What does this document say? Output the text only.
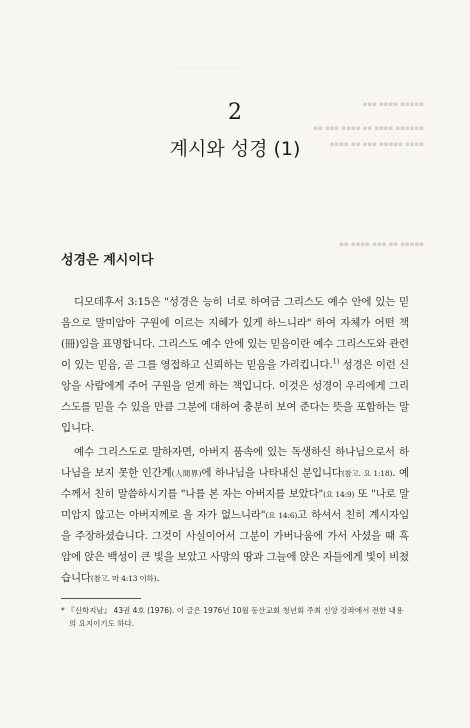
· · · · · · · · · · · · · · · · ·
▪▪▪ ▪▪▪▪ ▪▪▪▪▪
▪▪ ▪▪▪ ▪▪▪▪ ▪▪ ▪▪▪▪ ▪▪▪▪▪▪
▪▪▪▪ ▪▪ ▪▪▪ ▪▪▪▪▪ ▪▪▪▪
▪▪ ▪▪▪▪ ▪▪▪ ▪▪ ▪▪▪▪▪
2
계시와 성경 (1)
성경은 계시이다

디모데후서 3:15은 "성경은 능히 너로 하여금 그리스도 예수 안에 있는 믿음으로 말미암아 구원에 이르는 지혜가 있게 하느니라" 하여 자체가 어떤 책(冊)임을 표명합니다. 그리스도 예수 안에 있는 믿음이란 예수 그리스도와 관련이 있는 믿음, 곧 그를 영접하고 신뢰하는 믿음을 가리킵니다.$^{1)}$ 성경은 이런 신앙을 사람에게 주어 구원을 얻게 하는 책입니다. 이것은 성경이 우리에게 그리스도를 믿을 수 있을 만큼 그분에 대하여 충분히 보여 준다는 뜻을 포함하는 말입니다.

예수 그리스도로 말하자면, 아버지 품속에 있는 독생하신 하나님으로서 하나님을 보지 못한 인간계(人間界)에 하나님을 나타내신 분입니다(참고. 요 1:18). 예수께서 친히 말씀하시기를 "나를 본 자는 아버지를 보았다"(요 14:9) 또 "나로 말미암지 않고는 아버지께로 올 자가 없느니라"(요 14:6)고 하셔서 친히 계시자임을 주장하셨습니다. 그것이 사실이어서 그분이 가버나움에 가서 사셨을 때 흑암에 앉은 백성이 큰 빛을 보았고 사망의 땅과 그늘에 앉은 자들에게 빛이 비쳤습니다(참고. 마 4:13 이하).

* 『신학지남』 43권 4호 (1976). 이 글은 1976년 10월 동산교회 청년회 주최 신앙 강좌에서 전한 내용의 요지이기도 하다.
